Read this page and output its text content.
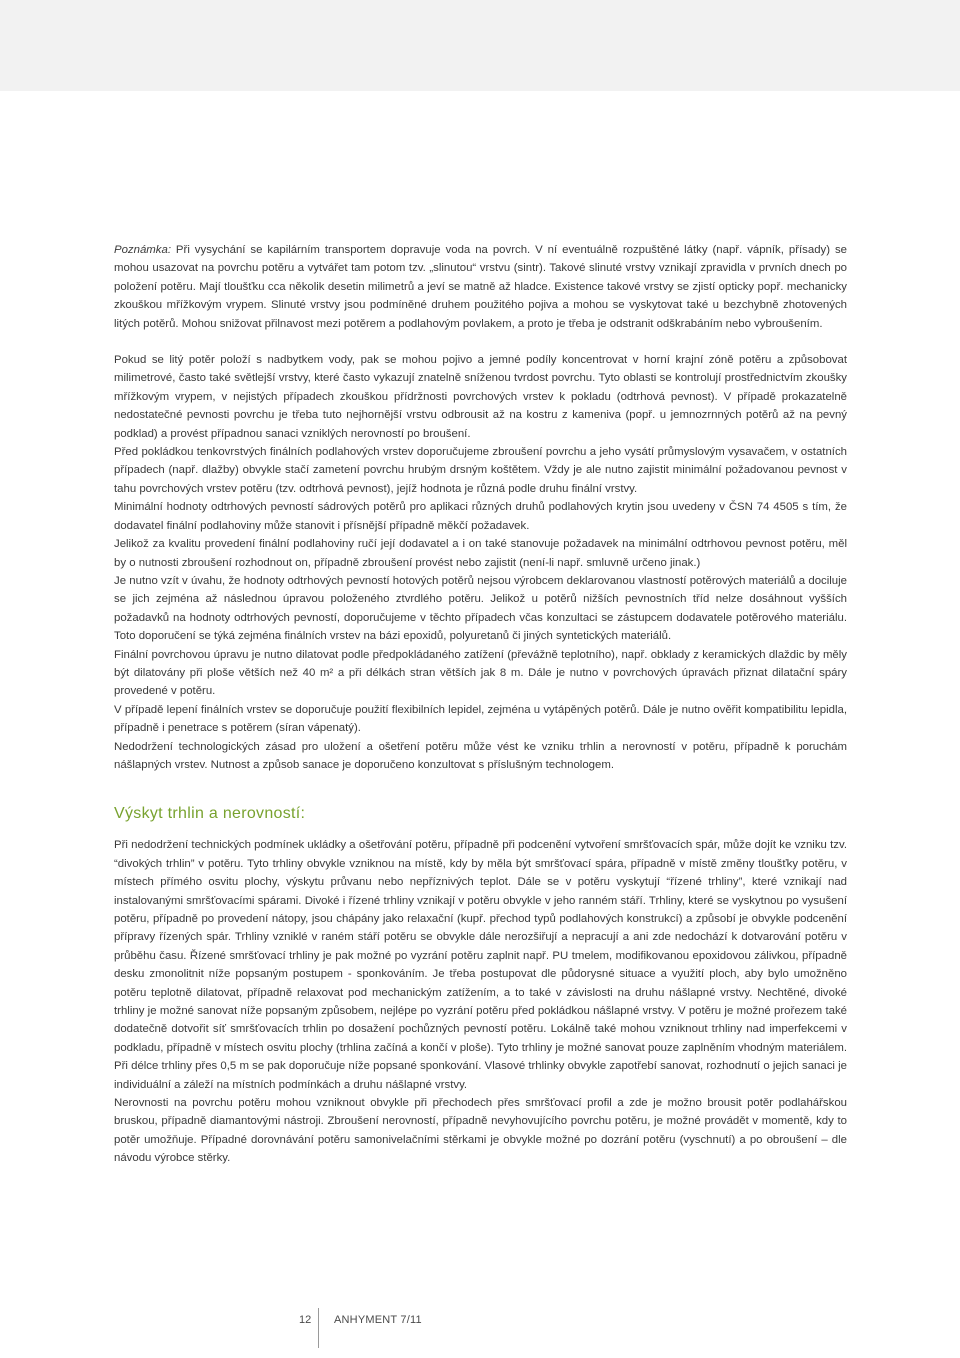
Poznámka: Při vysychání se kapilárním transportem dopravuje voda na povrch. V ní eventuálně rozpuštěné látky (např. vápník, přísady) se mohou usazovat na povrchu potěru a vytvářet tam potom tzv. „slinutou“ vrstvu (sintr). Takové slinuté vrstvy vznikají zpravidla v prvních dnech po položení potěru. Mají tloušťku cca několik desetin milimetrů a jeví se matně až hladce. Existence takové vrstvy se zjistí opticky popř. mechanicky zkouškou mřížkovým vrypem. Slinuté vrstvy jsou podmíněné druhem použitého pojiva a mohou se vyskytovat také u bezchybně zhotovených litých potěrů. Mohou snižovat přilnavost mezi potěrem a podlahovým povlakem, a proto je třeba je odstranit odškrabáním nebo vybroušením.

Pokud se litý potěr položí s nadbytkem vody, pak se mohou pojivo a jemné podíly koncentrovat v horní krajní zóně potěru a způsobovat milimetrové, často také světlejší vrstvy, které často vykazují znatelně sníženou tvrdost povrchu. Tyto oblasti se kontrolují prostřednictvím zkoušky mřížkovým vrypem, v nejistých případech zkouškou přídržnosti povrchových vrstev k pokladu (odtrhová pevnost). V případě prokazatelně nedostatečné pevnosti povrchu je třeba tuto nejhornější vrstvu odbrousit až na kostru z kameniva (popř. u jemnozrnných potěrů až na pevný podklad) a provést případnou sanaci vzniklých nerovností po broušení.

Před pokládkou tenkovrstvých finálních podlahových vrstev doporučujeme zbroušení povrchu a jeho vysátí průmyslovým vysavačem, v ostatních případech (např. dlažby) obvykle stačí zametení povrchu hrubým drsným koštětem. Vždy je ale nutno zajistit minimální požadovanou pevnost v tahu povrchových vrstev potěru (tzv. odtrhová pevnost), jejíž hodnota je různá podle druhu finální vrstvy.

Minimální hodnoty odtrhových pevností sádrových potěrů pro aplikaci různých druhů podlahových krytin jsou uvedeny v ČSN 74 4505 s tím, že dodavatel finální podlahoviny může stanovit i přísnější případně měkčí požadavek.

Jelikož za kvalitu provedení finální podlahoviny ručí její dodavatel a i on také stanovuje požadavek na minimální odtrhovou pevnost potěru, měl by o nutnosti zbroušení rozhodnout on, případně zbroušení provést nebo zajistit (není-li např. smluvně určeno jinak.)

Je nutno vzít v úvahu, že hodnoty odtrhových pevností hotových potěrů nejsou výrobcem deklarovanou vlastností potěrových materiálů a dociluje se jich zejména až následnou úpravou položeného ztvrdlého potěru. Jelikož u potěrů nižších pevnostních tříd nelze dosáhnout vyšších požadavků na hodnoty odtrhových pevností, doporučujeme v těchto případech včas konzultaci se zástupcem dodavatele potěrového materiálu. Toto doporučení se týká zejména finálních vrstev na bázi epoxidů, polyuretanů či jiných syntetických materiálů.

Finální povrchovou úpravu je nutno dilatovat podle předpokládaného zatížení (převážně teplotního), např. obklady z keramických dlaždic by měly být dilatovány při ploše větších než 40 m² a při délkách stran větších jak 8 m. Dále je nutno v povrchových úpravách přiznat dilatační spáry provedené v potěru.

V případě lepení finálních vrstev se doporučuje použití flexibilních lepidel, zejména u vytápěných potěrů. Dále je nutno ověřit kompatibilitu lepidla, případně i penetrace s potěrem (síran vápenatý).

Nedodržení technologických zásad pro uložení a ošetření potěru může vést ke vzniku trhlin a nerovností v potěru, případně k poruchám nášlapných vrstev. Nutnost a způsob sanace je doporučeno konzultovat s příslušným technologem.

Výskyt trhlin a nerovností:

Při nedodržení technických podmínek ukládky a ošetřování potěru, případně při podcenění vytvoření smršťovacích spár, může dojít ke vzniku tzv. “divokých trhlin” v potěru. Tyto trhliny obvykle vzniknou na místě, kdy by měla být smršťovací spára, případně v místě změny tloušťky potěru, v místech přímého osvitu plochy, výskytu průvanu nebo nepříznivých teplot. Dále se v potěru vyskytují “řízené trhliny”, které vznikají nad instalovanými smršťovacími spárami. Divoké i řízené trhliny vznikají v potěru obvykle v jeho ranném stáří. Trhliny, které se vyskytnou po vysušení potěru, případně po provedení nátopy, jsou chápány jako relaxační (kupř. přechod typů podlahových konstrukcí) a způsobí je obvykle podcenění přípravy řízených spár. Trhliny vzniklé v raném stáří potěru se obvykle dále nerozšiřují a nepracují a ani zde nedochází k dotvarování potěru v průběhu času. Řízené smršťovací trhliny je pak možné po vyzrání potěru zaplnit např. PU tmelem, modifikovanou epoxidovou zálivkou, případně desku zmonolitnit níže popsaným postupem - sponkováním. Je třeba postupovat dle půdorysné situace a využití ploch, aby bylo umožněno potěru teplotně dilatovat, případně relaxovat pod mechanickým zatížením, a to také v závislosti na druhu nášlapné vrstvy. Nechtěné, divoké trhliny je možné sanovat níže popsaným způsobem, nejlépe po vyzrání potěru před pokládkou nášlapné vrstvy. V potěru je možné prořezem také dodatečně dotvořit síť smršťovacích trhlin po dosažení pochůzných pevností potěru. Lokálně také mohou vzniknout trhliny nad imperfekcemi v podkladu, případně v místech osvitu plochy (trhlina začíná a končí v ploše). Tyto trhliny je možné sanovat pouze zaplněním vhodným materiálem. Při délce trhliny přes 0,5 m se pak doporučuje níže popsané sponkování. Vlasové trhlinky obvykle zapotřebí sanovat, rozhodnutí o jejich sanaci je individuální a záleží na místních podmínkách a druhu nášlapné vrstvy.

Nerovnosti na povrchu potěru mohou vzniknout obvykle při přechodech přes smršťovací profil a zde je možno brousit potěr podlahářskou bruskou, případně diamantovými nástroji. Zbroušení nerovností, případně nevyhovujícího povrchu potěru, je možné provádět v momentě, kdy to potěr umožňuje. Případné dorovnávání potěru samonivelačními stěrkami je obvykle možné po dozrání potěru (vyschnutí) a po obroušení – dle návodu výrobce stěrky.

12 ANHYMENT 7/11
